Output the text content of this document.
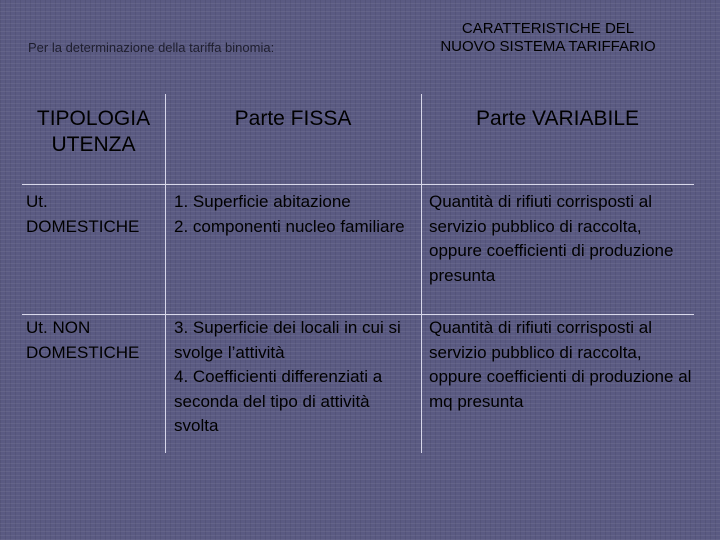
Per la determinazione della tariffa binomia:
CARATTERISTICHE DEL
NUOVO SISTEMA TARIFFARIO
TIPOLOGIA
UTENZA
Parte FISSA	Parte VARIABILE
Ut.
DOMESTICHE
1. Superficie abitazione
2. componenti nucleo familiare
Quantità di rifiuti corrisposti al servizio pubblico di raccolta, oppure coefficienti di produzione presunta
Ut. NON
DOMESTICHE
3. Superficie dei locali in cui si svolge l’attività
4. Coefficienti differenziati a seconda del tipo di attività svolta
Quantità di rifiuti corrisposti al servizio pubblico di raccolta, oppure coefficienti di produzione al mq presunta
